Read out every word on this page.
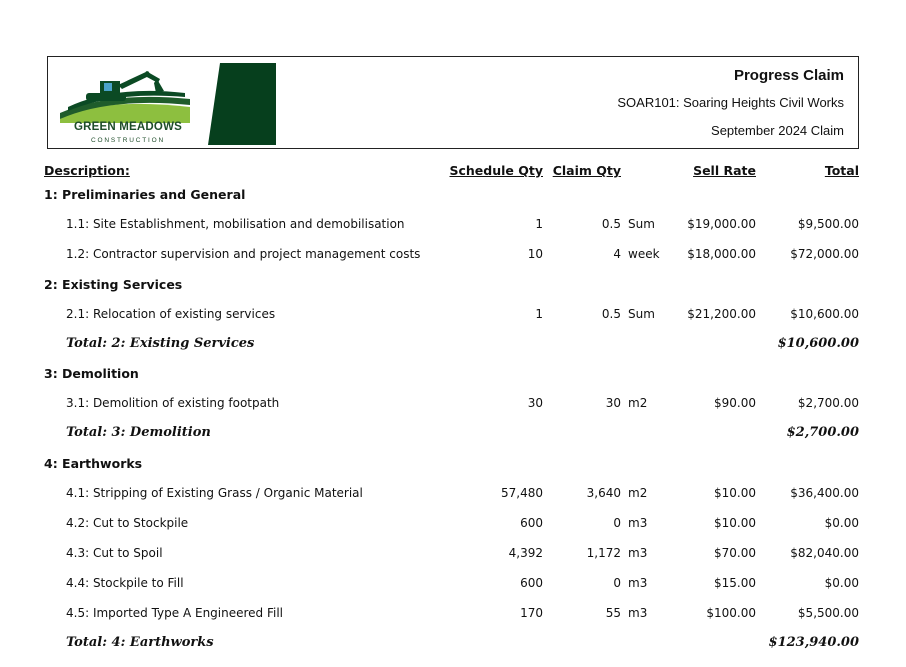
GREEN MEADOWS
CONSTRUCTION
Progress Claim
SOAR101: Soaring Heights Civil Works
September 2024 Claim
Description:	Schedule Qty Claim Qty	Sell Rate	Total
1: Preliminaries and General
1.1: Site Establishment, mobilisation and demobilisation	1	0.5 Sum	$19,000.00	$9,500.00
1.2: Contractor supervision and project management costs	10	4 week $18,000.00	$72,000.00
2: Existing Services
2.1: Relocation of existing services	1	0.5 Sum	$21,200.00	$10,600.00
Total: 2: Existing Services	$10,600.00
3: Demolition
3.1: Demolition of existing footpath	30	30 m2	$90.00	$2,700.00
Total: 3: Demolition	$2,700.00
4: Earthworks
4.1: Stripping of Existing Grass / Organic Material	57,480	3,640 m2	$10.00	$36,400.00
4.2: Cut to Stockpile	600	0 m3	$10.00	$0.00
4.3: Cut to Spoil	4,392	1,172 m3	$70.00	$82,040.00
4.4: Stockpile to Fill	600	0 m3	$15.00	$0.00
4.5: Imported Type A Engineered Fill	170	55 m3	$100.00	$5,500.00
Total: 4: Earthworks	$123,940.00
